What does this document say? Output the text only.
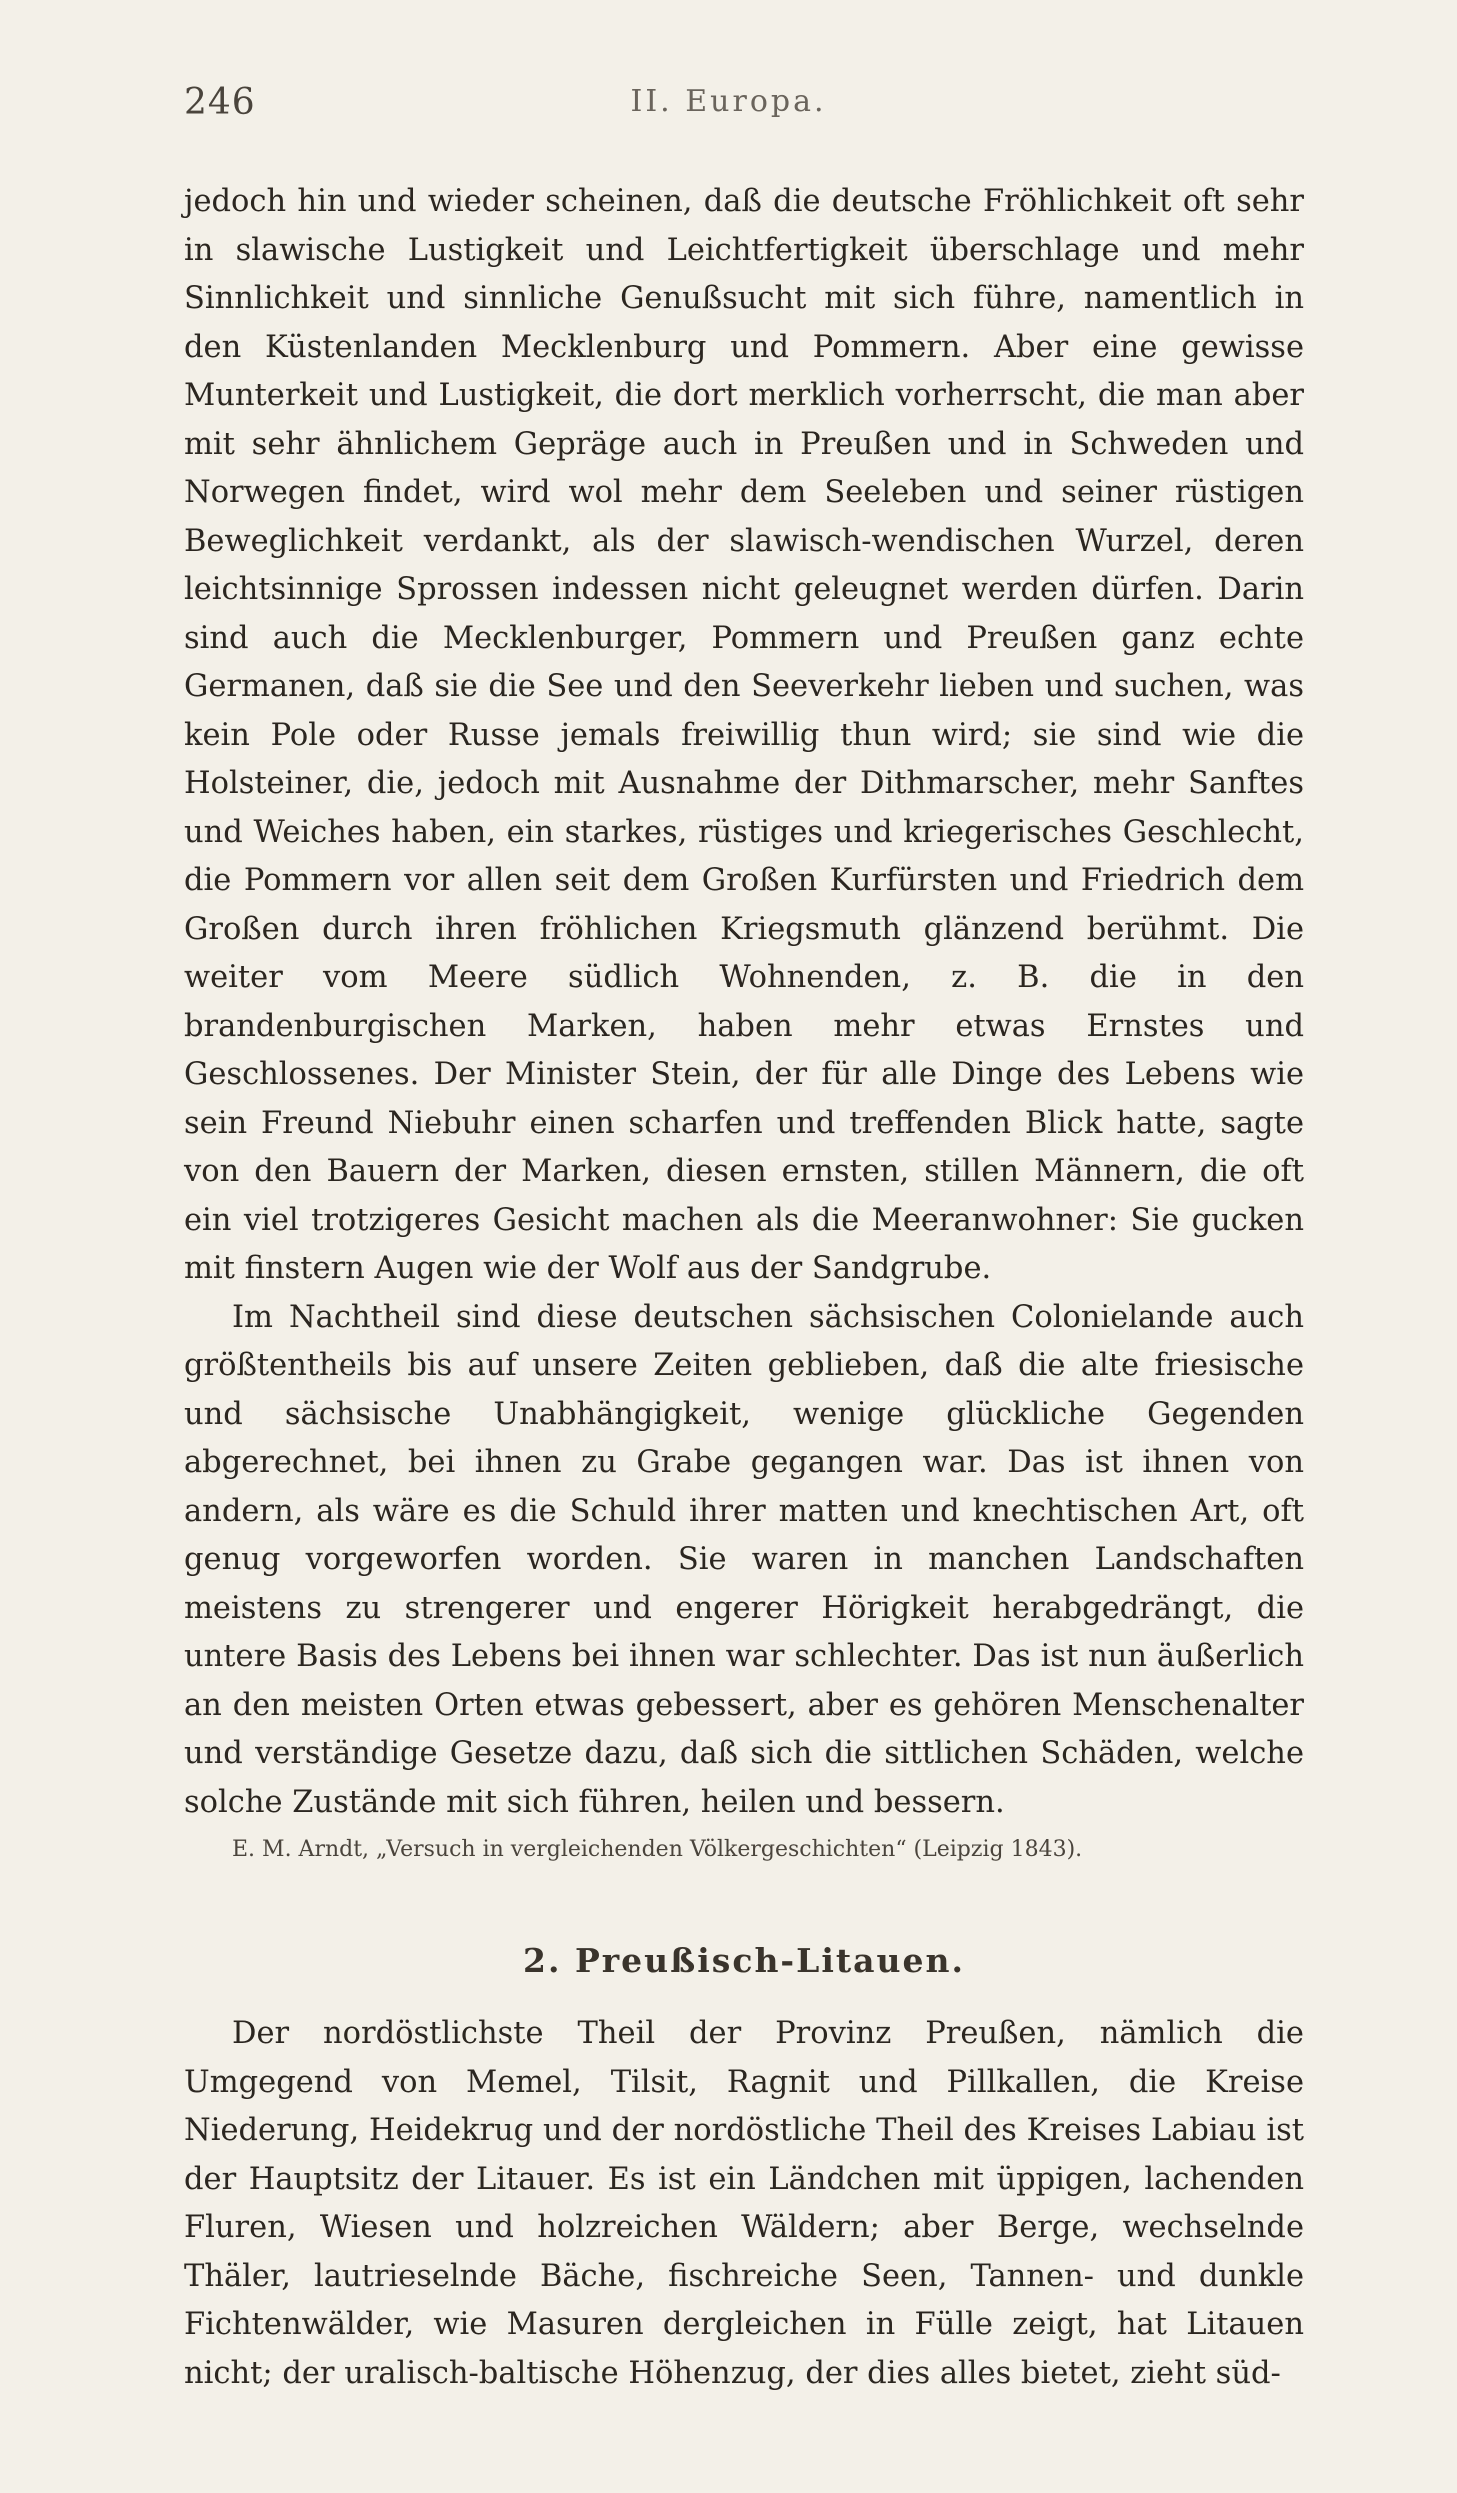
246	II. Europa.

jedoch hin und wieder scheinen, daß die deutsche Fröhlichkeit oft sehr in slawische Lustigkeit und Leichtfertigkeit überschlage und mehr Sinnlichkeit und sinnliche Genußsucht mit sich führe, namentlich in den Küstenlanden Mecklenburg und Pommern. Aber eine gewisse Munterkeit und Lustigkeit, die dort merklich vorherrscht, die man aber mit sehr ähnlichem Gepräge auch in Preußen und in Schweden und Norwegen findet, wird wol mehr dem Seeleben und seiner rüstigen Beweglichkeit verdankt, als der slawisch-wendischen Wurzel, deren leichtsinnige Sprossen indessen nicht geleugnet werden dürfen. Darin sind auch die Mecklenburger, Pommern und Preußen ganz echte Germanen, daß sie die See und den Seeverkehr lieben und suchen, was kein Pole oder Russe jemals freiwillig thun wird; sie sind wie die Holsteiner, die, jedoch mit Ausnahme der Dithmarscher, mehr Sanftes und Weiches haben, ein starkes, rüstiges und kriegerisches Geschlecht, die Pommern vor allen seit dem Großen Kurfürsten und Friedrich dem Großen durch ihren fröhlichen Kriegsmuth glänzend berühmt. Die weiter vom Meere südlich Wohnenden, z. B. die in den brandenburgischen Marken, haben mehr etwas Ernstes und Geschlossenes. Der Minister Stein, der für alle Dinge des Lebens wie sein Freund Niebuhr einen scharfen und treffenden Blick hatte, sagte von den Bauern der Marken, diesen ernsten, stillen Männern, die oft ein viel trotzigeres Gesicht machen als die Meeranwohner: Sie gucken mit finstern Augen wie der Wolf aus der Sandgrube.

Im Nachtheil sind diese deutschen sächsischen Colonielande auch größtentheils bis auf unsere Zeiten geblieben, daß die alte friesische und sächsische Unabhängigkeit, wenige glückliche Gegenden abgerechnet, bei ihnen zu Grabe gegangen war. Das ist ihnen von andern, als wäre es die Schuld ihrer matten und knechtischen Art, oft genug vorgeworfen worden. Sie waren in manchen Landschaften meistens zu strengerer und engerer Hörigkeit herabgedrängt, die untere Basis des Lebens bei ihnen war schlechter. Das ist nun äußerlich an den meisten Orten etwas gebessert, aber es gehören Menschenalter und verständige Gesetze dazu, daß sich die sittlichen Schäden, welche solche Zustände mit sich führen, heilen und bessern.

E. M. Arndt, „Versuch in vergleichenden Völkergeschichten“ (Leipzig 1843).
2. Preußisch-Litauen.

Der nordöstlichste Theil der Provinz Preußen, nämlich die Umgegend von Memel, Tilsit, Ragnit und Pillkallen, die Kreise Niederung, Heidekrug und der nordöstliche Theil des Kreises Labiau ist der Hauptsitz der Litauer. Es ist ein Ländchen mit üppigen, lachenden Fluren, Wiesen und holzreichen Wäldern; aber Berge, wechselnde Thäler, lautrieselnde Bäche, fischreiche Seen, Tannen- und dunkle Fichtenwälder, wie Masuren dergleichen in Fülle zeigt, hat Litauen nicht; der uralisch-baltische Höhenzug, der dies alles bietet, zieht süd-
